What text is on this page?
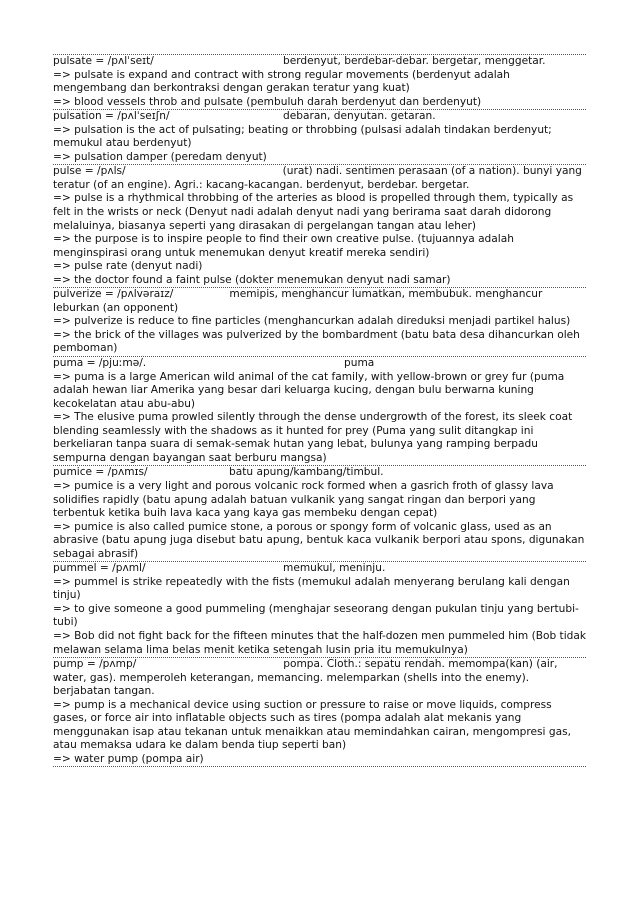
pulsate = /pʌlˈseɪt/	berdenyut, berdebar-debar. bergetar, menggetar.
=> pulsate is expand and contract with strong regular movements (berdenyut adalah mengembang dan berkontraksi dengan gerakan teratur yang kuat)
=> blood vessels throb and pulsate (pembuluh darah berdenyut dan berdenyut)
pulsation = /pʌlˈseɪʃn/	debaran, denyutan. getaran.
=> pulsation is the act of pulsating; beating or throbbing (pulsasi adalah tindakan berdenyut; memukul atau berdenyut)
=> pulsation damper (peredam denyut)
pulse = /pʌls/	(urat) nadi. sentimen perasaan (of a nation). bunyi yang teratur (of an engine). Agri.: kacang-kacangan. berdenyut, berdebar. bergetar.
=> pulse is a rhythmical throbbing of the arteries as blood is propelled through them, typically as felt in the wrists or neck (Denyut nadi adalah denyut nadi yang berirama saat darah didorong melaluinya, biasanya seperti yang dirasakan di pergelangan tangan atau leher)
=> the purpose is to inspire people to find their own creative pulse. (tujuannya adalah menginspirasi orang untuk menemukan denyut kreatif mereka sendiri)
=> pulse rate (denyut nadi)
=> the doctor found a faint pulse (dokter menemukan denyut nadi samar)
pulverize = /pʌlvəraɪz/	memipis, menghancur lumatkan, membubuk. menghancur leburkan (an opponent)
=> pulverize is reduce to fine particles (menghancurkan adalah direduksi menjadi partikel halus)
=> the brick of the villages was pulverized by the bombardment (batu bata desa dihancurkan oleh pemboman)
puma = /pjuːmə/.	puma
=> puma is a large American wild animal of the cat family, with yellow-brown or grey fur (puma adalah hewan liar Amerika yang besar dari keluarga kucing, dengan bulu berwarna kuning kecokelatan atau abu-abu)
=> The elusive puma prowled silently through the dense undergrowth of the forest, its sleek coat blending seamlessly with the shadows as it hunted for prey (Puma yang sulit ditangkap ini berkeliaran tanpa suara di semak-semak hutan yang lebat, bulunya yang ramping berpadu sempurna dengan bayangan saat berburu mangsa)
pumice = /pʌmɪs/	batu apung/kambang/timbul.
=> pumice is a very light and porous volcanic rock formed when a gasrich froth of glassy lava solidifies rapidly (batu apung adalah batuan vulkanik yang sangat ringan dan berpori yang terbentuk ketika buih lava kaca yang kaya gas membeku dengan cepat)
=> pumice is also called pumice stone, a porous or spongy form of volcanic glass, used as an abrasive (batu apung juga disebut batu apung, bentuk kaca vulkanik berpori atau spons, digunakan sebagai abrasif)
pummel = /pʌml/	memukul, meninju.
=> pummel is strike repeatedly with the fists (memukul adalah menyerang berulang kali dengan tinju)
=> to give someone a good pummeling (menghajar seseorang dengan pukulan tinju yang bertubi-tubi)
=> Bob did not fight back for the fifteen minutes that the half-dozen men pummeled him (Bob tidak melawan selama lima belas menit ketika setengah lusin pria itu memukulnya)
pump = /pʌmp/	pompa. Cloth.: sepatu rendah. memompa(kan) (air, water, gas). memperoleh keterangan, memancing. melemparkan (shells into the enemy). berjabatan tangan.
=> pump is a mechanical device using suction or pressure to raise or move liquids, compress gases, or force air into inflatable objects such as tires (pompa adalah alat mekanis yang menggunakan isap atau tekanan untuk menaikkan atau memindahkan cairan, mengompresi gas, atau memaksa udara ke dalam benda tiup seperti ban)
=> water pump (pompa air)
